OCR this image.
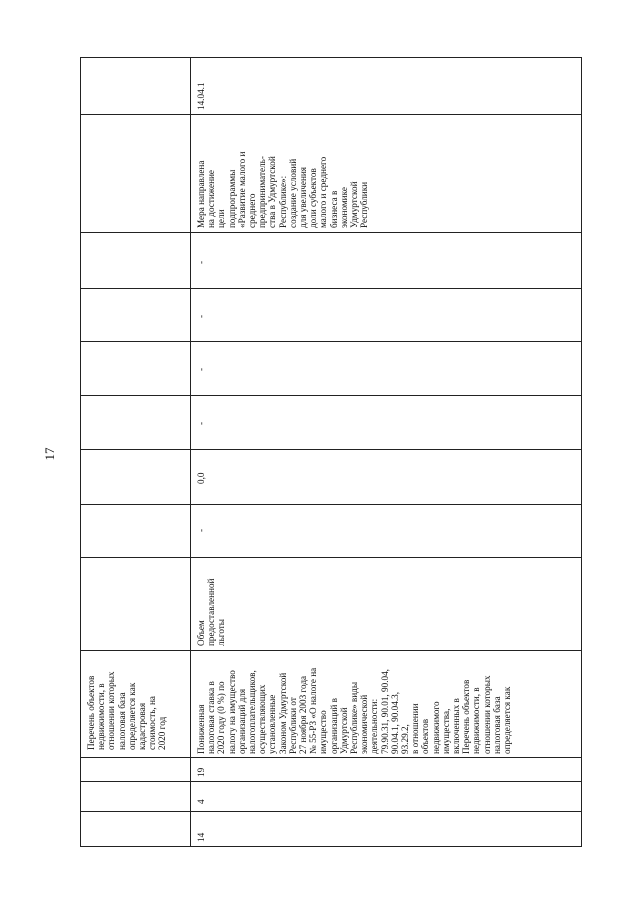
17
Перечень объектов
недвижимости, в
отношении которых
налоговая база
определяется как
кадастровая
стоимость, на
2020 год
14
4
19
Пониженная
налоговая ставка в
2020 году (0 %) по
налогу на имущество
организаций для
налогоплательщиков,
осуществляющих
установленные
Законом Удмуртской
Республики от
27 ноября 2003 года
№ 55-РЗ «О налоге на
имущество
организаций в
Удмуртской
Республике» виды
экономической
деятельности:
79.90.31, 90.01, 90.04,
90.04.1, 90.04.3,
93.29.2,
в отношении
объектов
недвижимого
имущества,
включенных в
Перечень объектов
недвижимости, в
отношении которых
налоговая база
определяется как
Объем
предоставленной
льготы
-
0,0
-
-
-
-
Мера направлена
на достижение
цели
подпрограммы
«Развитие малого и
среднего
предприниматель-
ства в Удмуртской
Республике»:
создание условий
для увеличения
доли субъектов
малого и среднего
бизнеса в
экономике
Удмуртской
Республики
14.04.1
